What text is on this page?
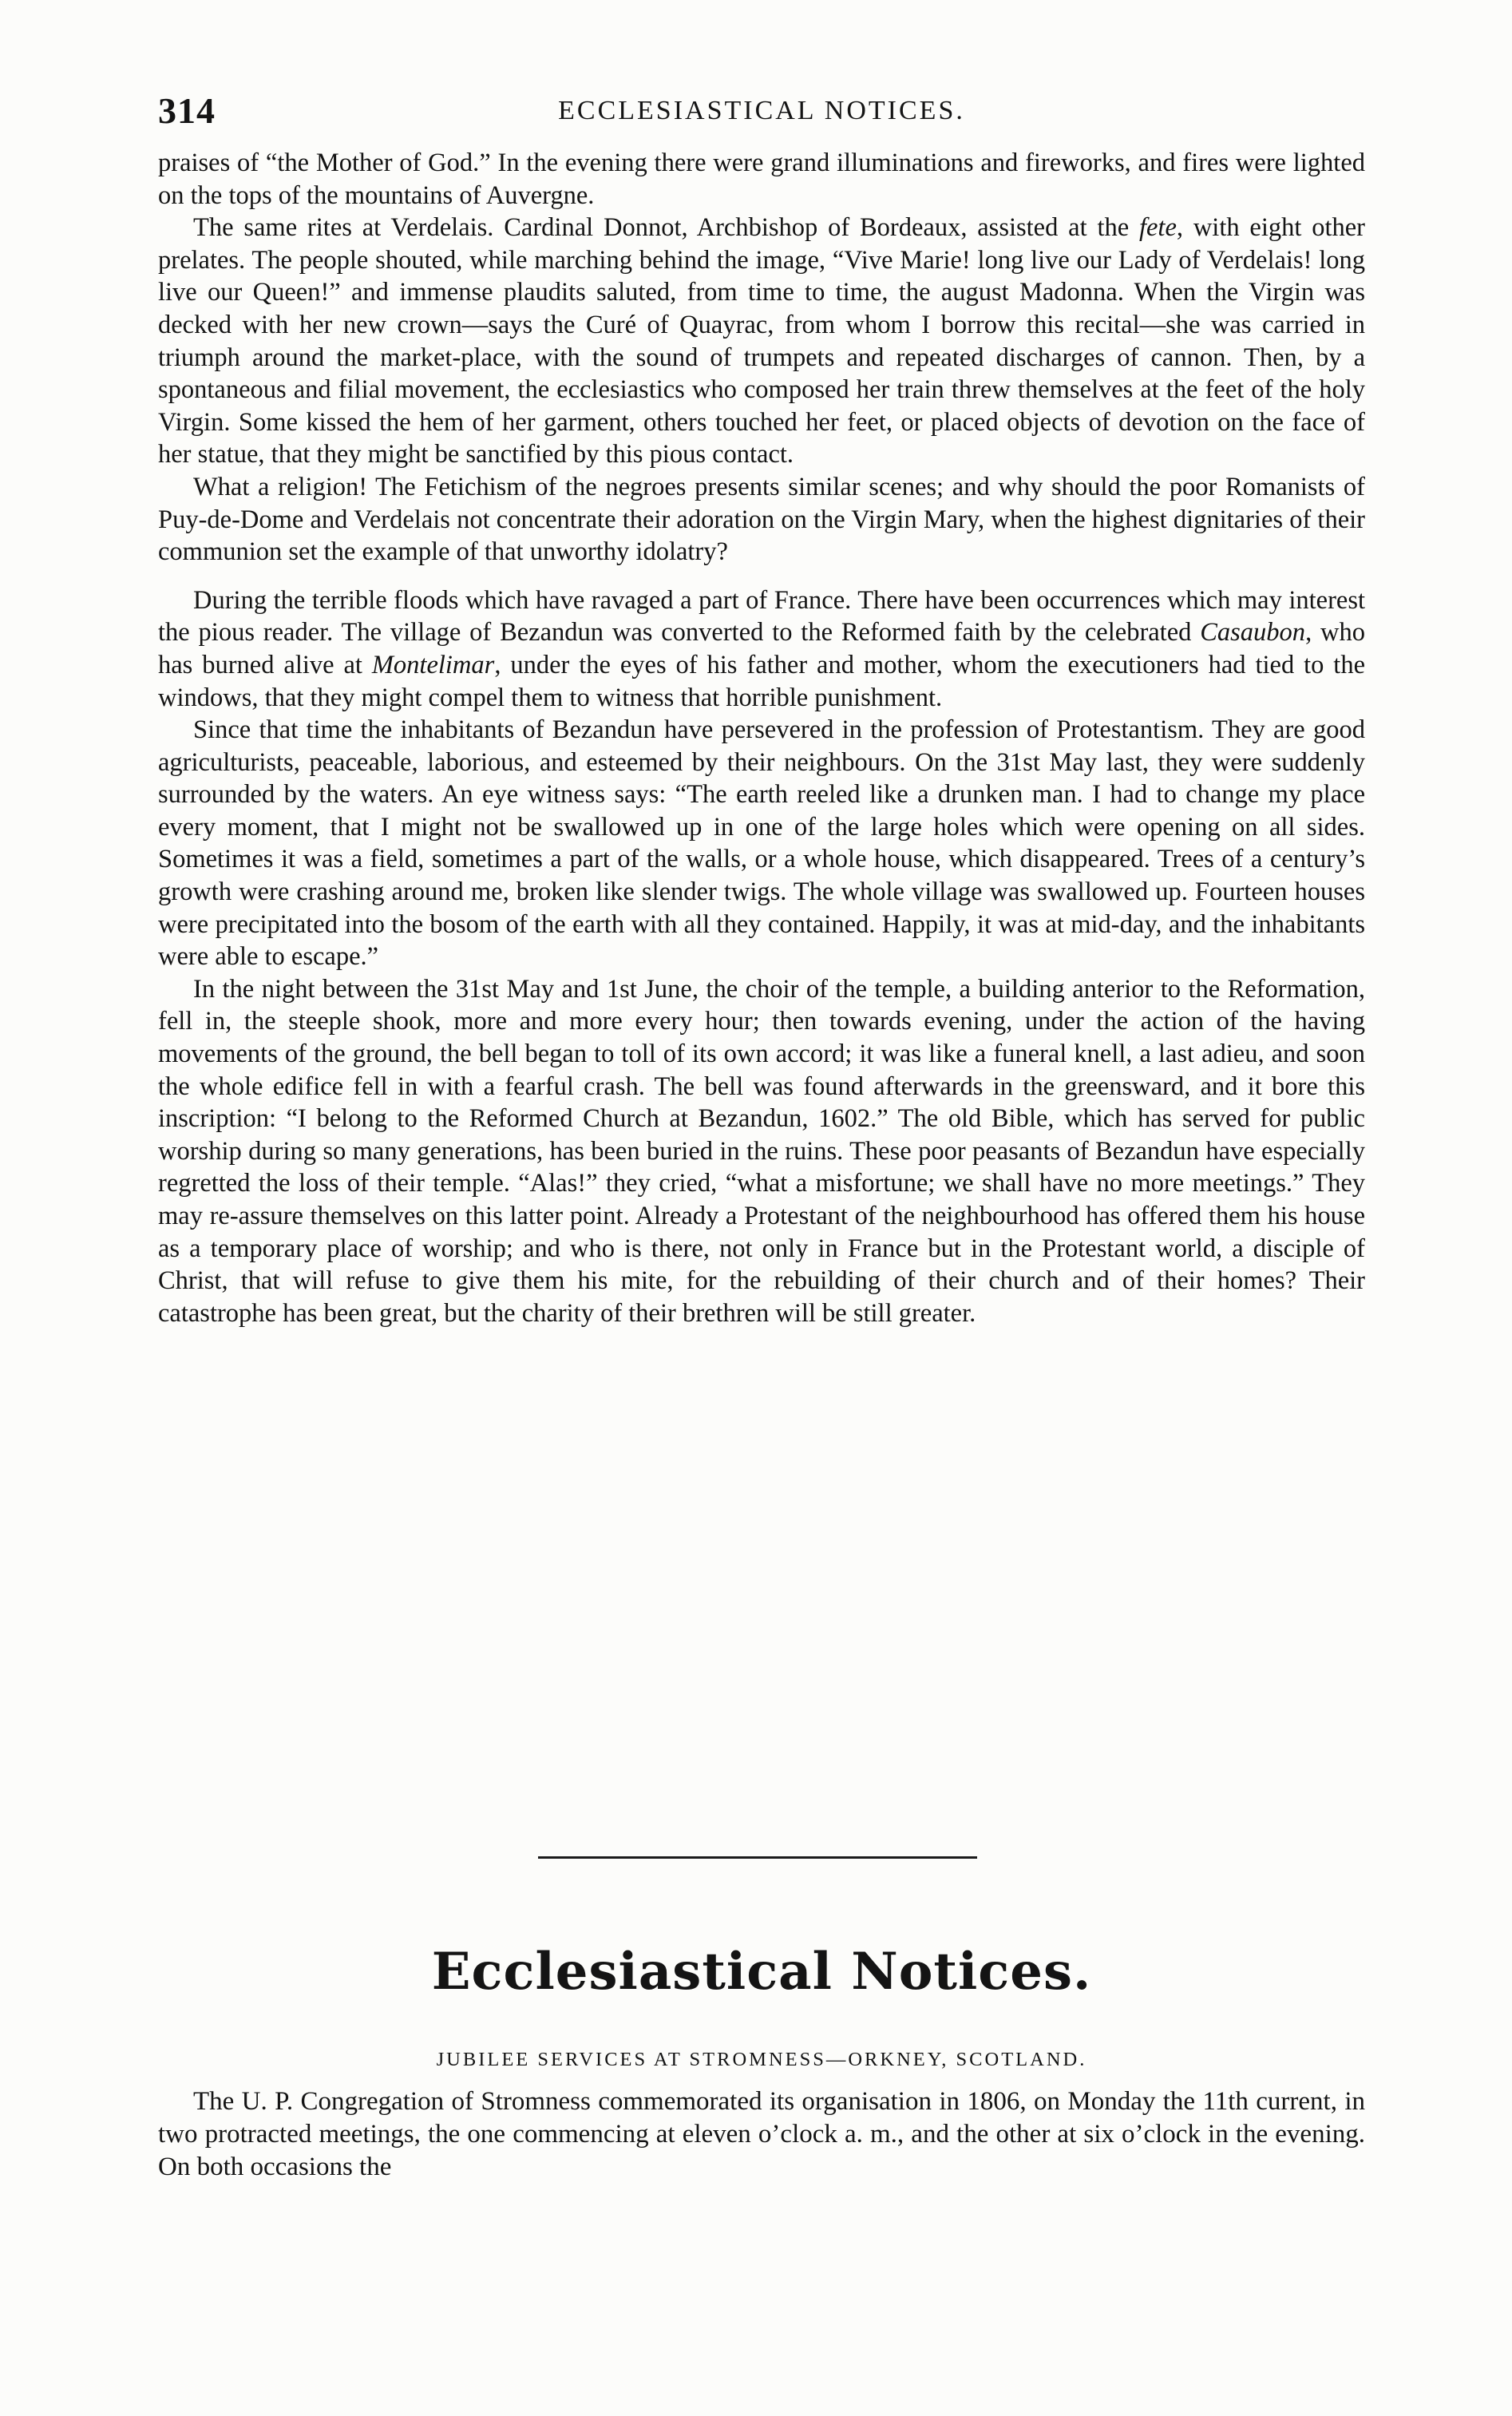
314	ECCLESIASTICAL NOTICES.

praises of “the Mother of God.” In the evening there were grand illuminations and fireworks, and fires were lighted on the tops of the mountains of Auvergne.

The same rites at Verdelais. Cardinal Donnot, Archbishop of Bordeaux, assisted at the fete, with eight other prelates. The people shouted, while marching behind the image, “Vive Marie! long live our Lady of Verdelais! long live our Queen!” and immense plaudits saluted, from time to time, the august Madonna. When the Virgin was decked with her new crown—says the Curé of Quayrac, from whom I borrow this recital—she was carried in triumph around the market-place, with the sound of trumpets and repeated discharges of cannon. Then, by a spontaneous and filial movement, the ecclesiastics who composed her train threw themselves at the feet of the holy Virgin. Some kissed the hem of her garment, others touched her feet, or placed objects of devotion on the face of her statue, that they might be sanctified by this pious contact.

What a religion! The Fetichism of the negroes presents similar scenes; and why should the poor Romanists of Puy-de-Dome and Verdelais not concentrate their adoration on the Virgin Mary, when the highest dignitaries of their communion set the example of that unworthy idolatry?

During the terrible floods which have ravaged a part of France. There have been occurrences which may interest the pious reader. The village of Bezandun was converted to the Reformed faith by the celebrated Casaubon, who has burned alive at Montelimar, under the eyes of his father and mother, whom the executioners had tied to the windows, that they might compel them to witness that horrible punishment.

Since that time the inhabitants of Bezandun have persevered in the profession of Protestantism. They are good agriculturists, peaceable, laborious, and esteemed by their neighbours. On the 31st May last, they were suddenly surrounded by the waters. An eye witness says: “The earth reeled like a drunken man. I had to change my place every moment, that I might not be swallowed up in one of the large holes which were opening on all sides. Sometimes it was a field, sometimes a part of the walls, or a whole house, which disappeared. Trees of a century’s growth were crashing around me, broken like slender twigs. The whole village was swallowed up. Fourteen houses were precipitated into the bosom of the earth with all they contained. Happily, it was at mid-day, and the inhabitants were able to escape.”

In the night between the 31st May and 1st June, the choir of the temple, a building anterior to the Reformation, fell in, the steeple shook, more and more every hour; then towards evening, under the action of the having movements of the ground, the bell began to toll of its own accord; it was like a funeral knell, a last adieu, and soon the whole edifice fell in with a fearful crash. The bell was found afterwards in the greensward, and it bore this inscription: “I belong to the Reformed Church at Bezandun, 1602.” The old Bible, which has served for public worship during so many generations, has been buried in the ruins. These poor peasants of Bezandun have especially regretted the loss of their temple. “Alas!” they cried, “what a misfortune; we shall have no more meetings.” They may re-assure themselves on this latter point. Already a Protestant of the neighbourhood has offered them his house as a temporary place of worship; and who is there, not only in France but in the Protestant world, a disciple of Christ, that will refuse to give them his mite, for the rebuilding of their church and of their homes? Their catastrophe has been great, but the charity of their brethren will be still greater.

Ecclesiastical Notices.
JUBILEE SERVICES AT STROMNESS—ORKNEY, SCOTLAND.

The U. P. Congregation of Stromness commemorated its organisation in 1806, on Monday the 11th current, in two protracted meetings, the one commencing at eleven o’clock a. m., and the other at six o’clock in the evening. On both occasions the
